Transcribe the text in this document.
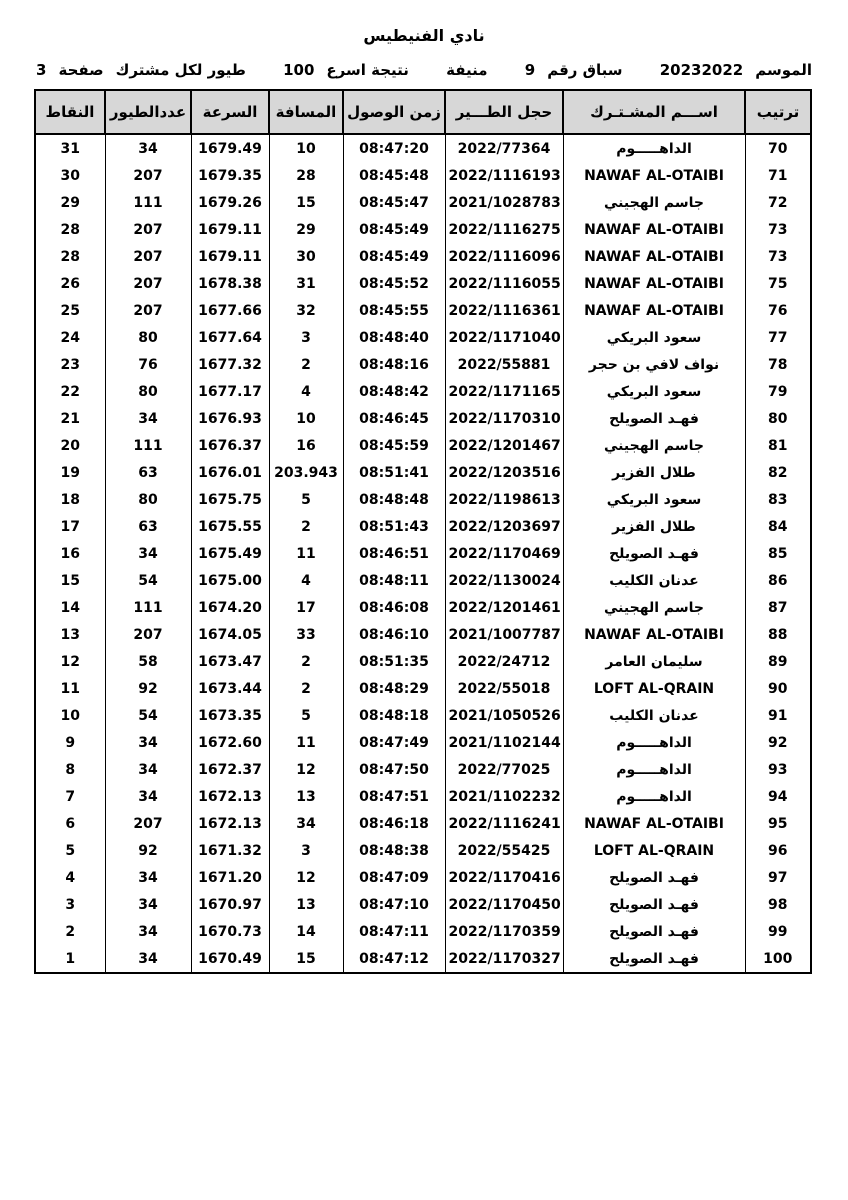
نادي الفنيطيس
الموسم
20232022
سباق رقم
9
منيفة
نتيجة اسرع
100
طيور لكل مشترك
صفحة
3
ترتيب	اســـم المشـتـرك	حجل الطـــير	زمن الوصول	المسافة	السرعة	عددالطيور	النقاط
70	الداهـــــوم	2022/77364	08:47:20	10	1679.49	34	31
71	NAWAF AL-OTAIBI	2022/1116193	08:45:48	28	1679.35	207	30
72	جاسم الهجيني	2021/1028783	08:45:47	15	1679.26	111	29
73	NAWAF AL-OTAIBI	2022/1116275	08:45:49	29	1679.11	207	28
73	NAWAF AL-OTAIBI	2022/1116096	08:45:49	30	1679.11	207	28
75	NAWAF AL-OTAIBI	2022/1116055	08:45:52	31	1678.38	207	26
76	NAWAF AL-OTAIBI	2022/1116361	08:45:55	32	1677.66	207	25
77	سعود البريكي	2022/1171040	08:48:40	3	1677.64	80	24
78	نواف لافي بن حجر	2022/55881	08:48:16	2	1677.32	76	23
79	سعود البريكي	2022/1171165	08:48:42	4	1677.17	80	22
80	فهـد الصويلح	2022/1170310	08:46:45	10	1676.93	34	21
81	جاسم الهجيني	2022/1201467	08:45:59	16	1676.37	111	20
82	طلال الفزير	2022/1203516	08:51:41	203.943	1676.01	63	19
83	سعود البريكي	2022/1198613	08:48:48	5	1675.75	80	18
84	طلال الفزير	2022/1203697	08:51:43	2	1675.55	63	17
85	فهـد الصويلح	2022/1170469	08:46:51	11	1675.49	34	16
86	عدنان الكليب	2022/1130024	08:48:11	4	1675.00	54	15
87	جاسم الهجيني	2022/1201461	08:46:08	17	1674.20	111	14
88	NAWAF AL-OTAIBI	2021/1007787	08:46:10	33	1674.05	207	13
89	سليمان العامر	2022/24712	08:51:35	2	1673.47	58	12
90	LOFT AL-QRAIN	2022/55018	08:48:29	2	1673.44	92	11
91	عدنان الكليب	2021/1050526	08:48:18	5	1673.35	54	10
92	الداهـــــوم	2021/1102144	08:47:49	11	1672.60	34	9
93	الداهـــــوم	2022/77025	08:47:50	12	1672.37	34	8
94	الداهـــــوم	2021/1102232	08:47:51	13	1672.13	34	7
95	NAWAF AL-OTAIBI	2022/1116241	08:46:18	34	1672.13	207	6
96	LOFT AL-QRAIN	2022/55425	08:48:38	3	1671.32	92	5
97	فهـد الصويلح	2022/1170416	08:47:09	12	1671.20	34	4
98	فهـد الصويلح	2022/1170450	08:47:10	13	1670.97	34	3
99	فهـد الصويلح	2022/1170359	08:47:11	14	1670.73	34	2
100	فهـد الصويلح	2022/1170327	08:47:12	15	1670.49	34	1
